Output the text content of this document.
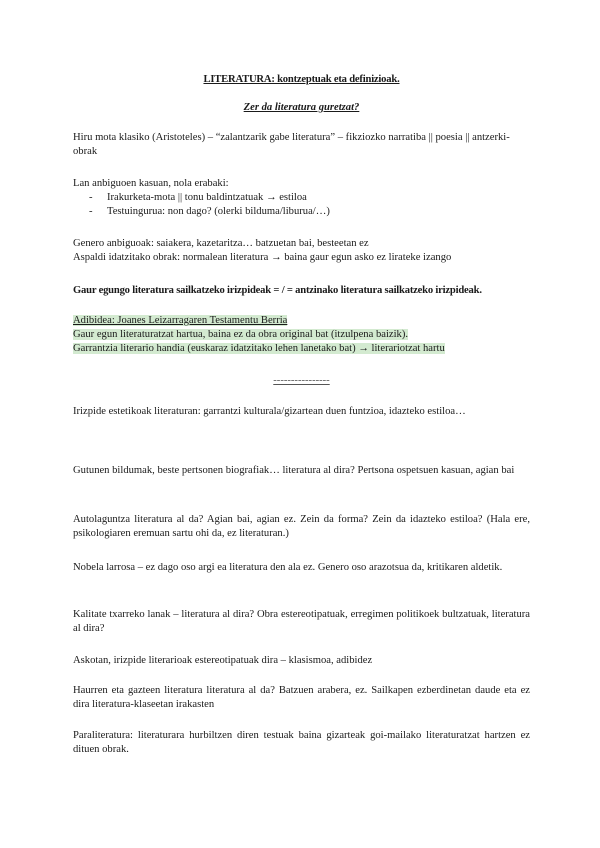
LITERATURA: kontzeptuak eta definizioak.
Zer da literatura guretzat?
Hiru mota klasiko (Aristoteles) – “zalantzarik gabe literatura” – fikziozko narratiba || poesia || antzerki-obrak
Lan anbiguoen kasuan, nola erabaki:
- Irakurketa-mota || tonu baldintzatuak → estiloa
- Testuingurua: non dago? (olerki bilduma/liburua/…)
Genero anbiguoak: saiakera, kazetaritza… batzuetan bai, besteetan ez
Aspaldi idatzitako obrak: normalean literatura → baina gaur egun asko ez lirateke izango
Gaur egungo literatura sailkatzeko irizpideak = / = antzinako literatura sailkatzeko irizpideak.
Adibidea: Joanes Leizarragaren Testamentu Berria
Gaur egun literaturatzat hartua, baina ez da obra original bat (itzulpena baizik).
Garrantzia literario handia (euskaraz idatzitako lehen lanetako bat) → literariotzat hartu
----------------
Irizpide estetikoak literaturan: garrantzi kulturala/gizartean duen funtzioa, idazteko estiloa…
Gutunen bildumak, beste pertsonen biografiak… literatura al dira? Pertsona ospetsuen kasuan, agian bai
Autolaguntza literatura al da? Agian bai, agian ez. Zein da forma? Zein da idazteko estiloa? (Hala ere, psikologiaren eremuan sartu ohi da, ez literaturan.)
Nobela larrosa – ez dago oso argi ea literatura den ala ez. Genero oso arazotsua da, kritikaren aldetik.
Kalitate txarreko lanak – literatura al dira? Obra estereotipatuak, erregimen politikoek bultzatuak, literatura al dira?
Askotan, irizpide literarioak estereotipatuak dira – klasismoa, adibidez
Haurren eta gazteen literatura literatura al da? Batzuen arabera, ez. Sailkapen ezberdinetan daude eta ez dira literatura-klaseetan irakasten
Paraliteratura: literaturara hurbiltzen diren testuak baina gizarteak goi-mailako literaturatzat hartzen ez dituen obrak.
